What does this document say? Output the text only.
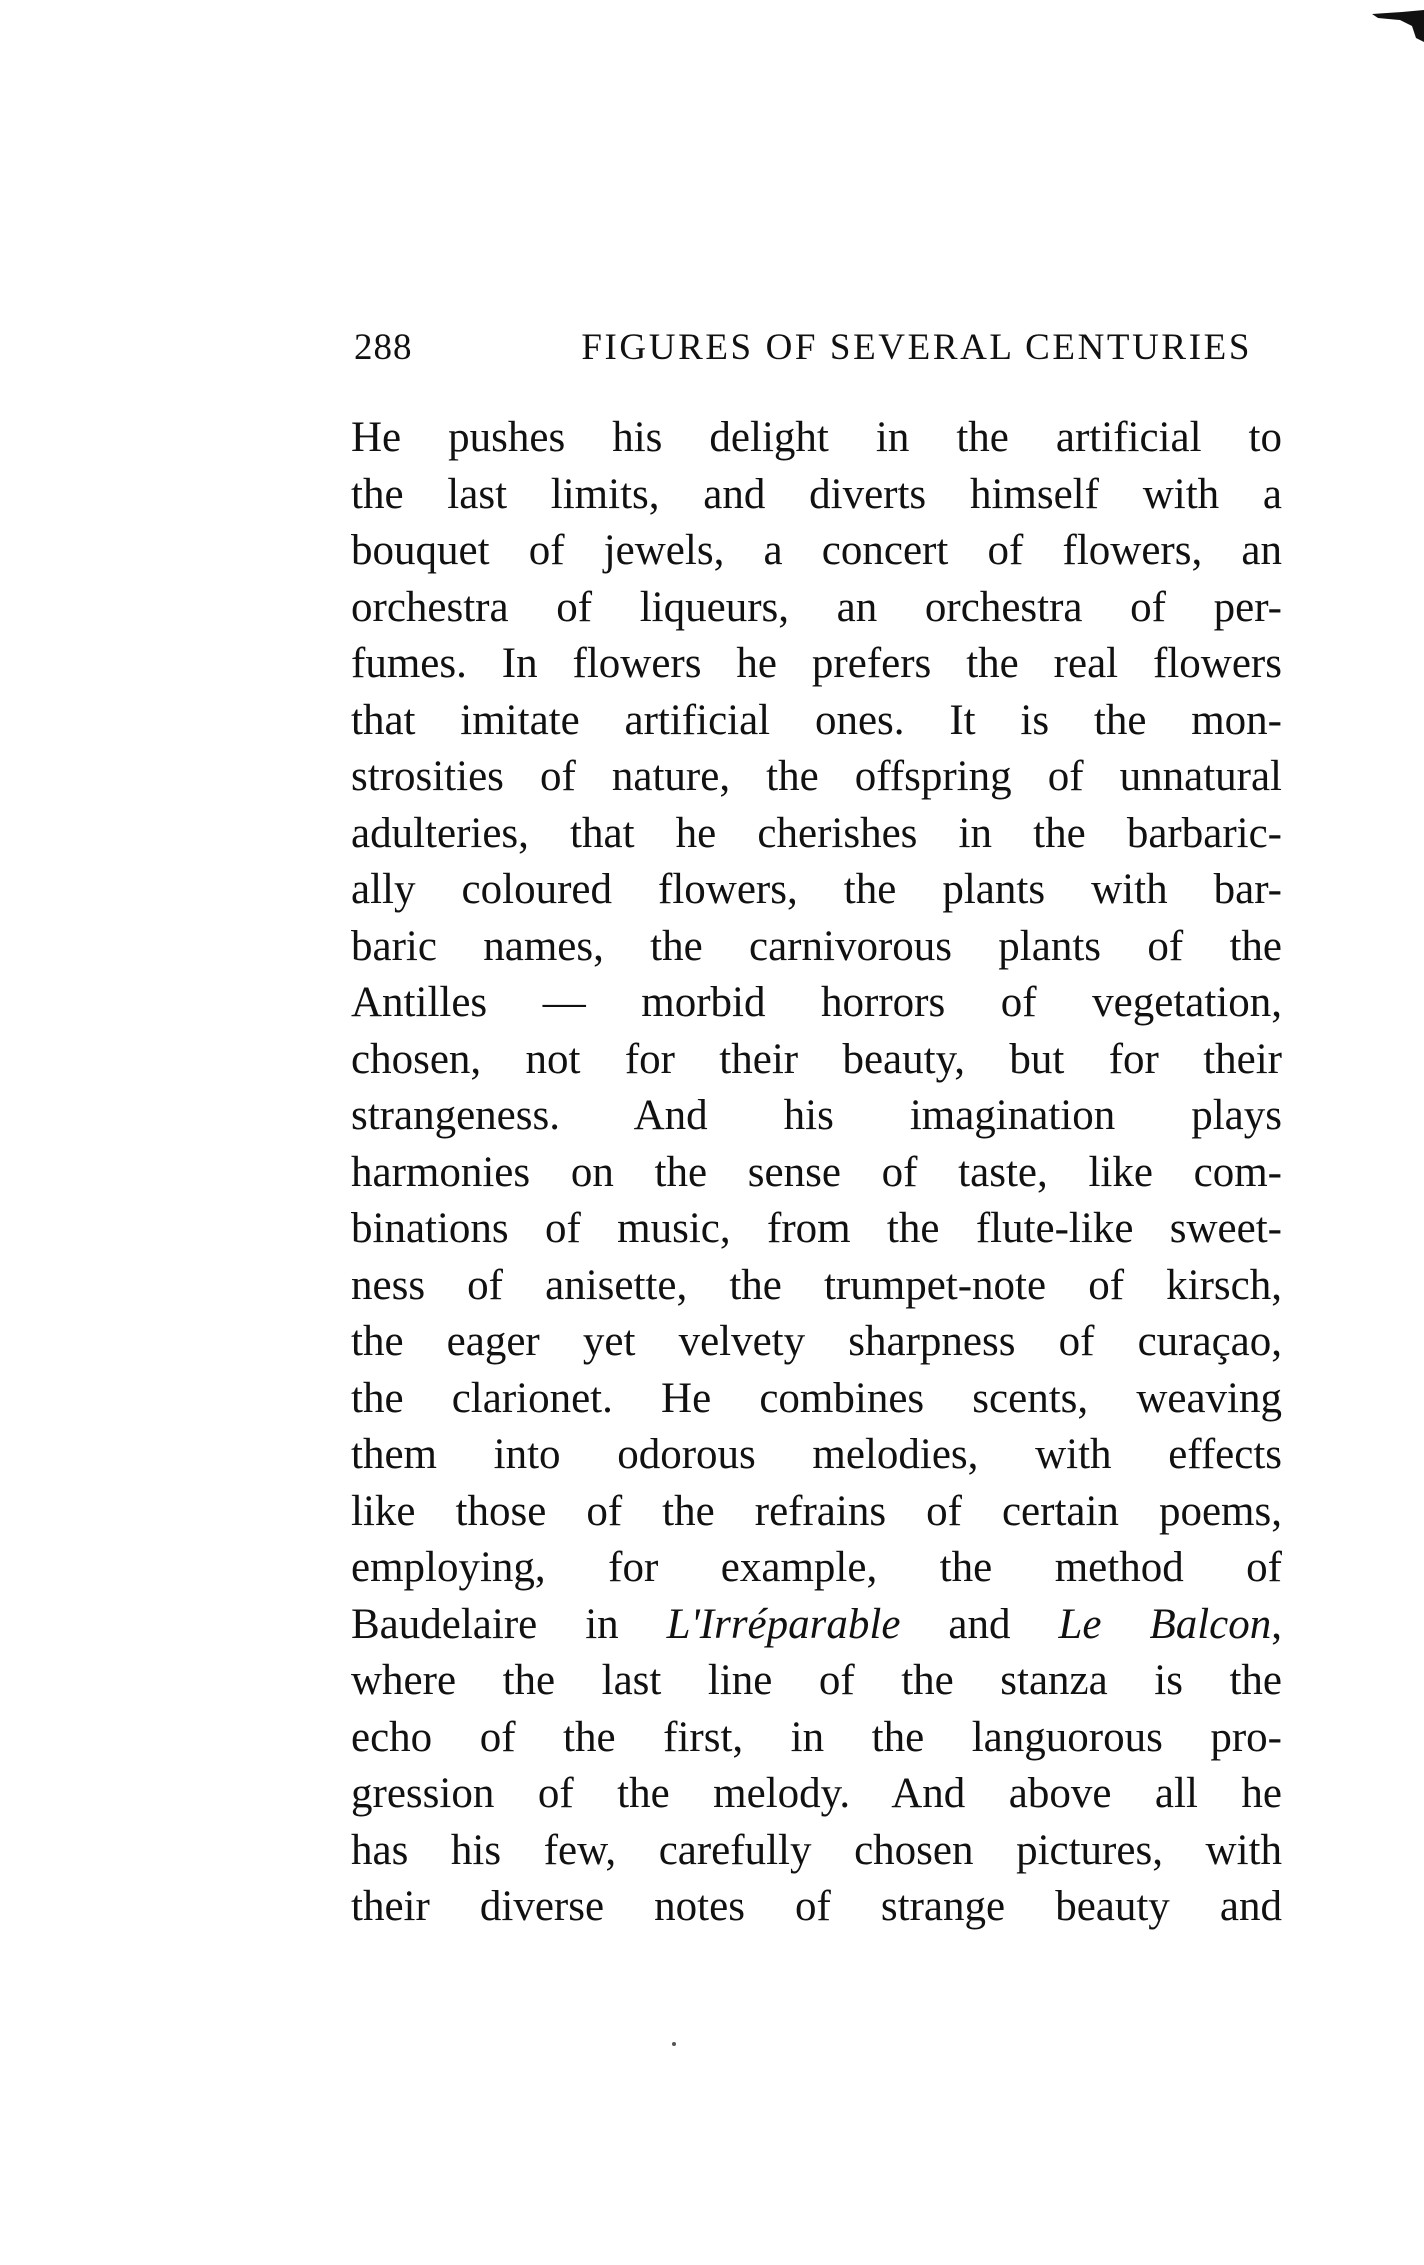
288	FIGURES OF SEVERAL CENTURIES
He pushes his delight in the artificial to
the last limits, and diverts himself with a
bouquet of jewels, a concert of flowers, an
orchestra of liqueurs, an orchestra of per-
fumes. In flowers he prefers the real flowers
that imitate artificial ones. It is the mon-
strosities of nature, the offspring of unnatural
adulteries, that he cherishes in the barbaric-
ally coloured flowers, the plants with bar-
baric names, the carnivorous plants of the
Antilles — morbid horrors of vegetation,
chosen, not for their beauty, but for their
strangeness. And his imagination plays
harmonies on the sense of taste, like com-
binations of music, from the flute-like sweet-
ness of anisette, the trumpet-note of kirsch,
the eager yet velvety sharpness of curaçao,
the clarionet. He combines scents, weaving
them into odorous melodies, with effects
like those of the refrains of certain poems,
employing, for example, the method of
Baudelaire in L'Irréparable and Le Balcon,
where the last line of the stanza is the
echo of the first, in the languorous pro-
gression of the melody. And above all he
has his few, carefully chosen pictures, with
their diverse notes of strange beauty and
